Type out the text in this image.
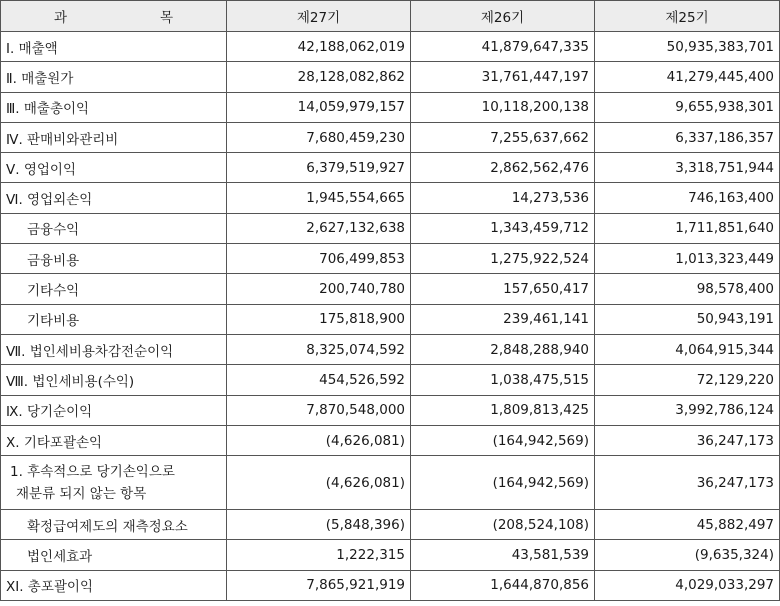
과 목	제27기	제26기	제25기
Ⅰ. 매출액	42,188,062,019	41,879,647,335	50,935,383,701
Ⅱ. 매출원가	28,128,082,862	31,761,447,197	41,279,445,400
Ⅲ. 매출총이익	14,059,979,157	10,118,200,138	9,655,938,301
Ⅳ. 판매비와관리비	7,680,459,230	7,255,637,662	6,337,186,357
Ⅴ. 영업이익	6,379,519,927	2,862,562,476	3,318,751,944
Ⅵ. 영업외손익	1,945,554,665	14,273,536	746,163,400
금융수익	2,627,132,638	1,343,459,712	1,711,851,640
금융비용	706,499,853	1,275,922,524	1,013,323,449
기타수익	200,740,780	157,650,417	98,578,400
기타비용	175,818,900	239,461,141	50,943,191
Ⅶ. 법인세비용차감전순이익	8,325,074,592	2,848,288,940	4,064,915,344
Ⅷ. 법인세비용(수익)	454,526,592	1,038,475,515	72,129,220
Ⅸ. 당기순이익	7,870,548,000	1,809,813,425	3,992,786,124
Ⅹ. 기타포괄손익	(4,626,081)	(164,942,569)	36,247,173

1. 후속적으로 당기손익으로
재분류 되지 않는 항목	(4,626,081)	(164,942,569)	36,247,173
확정급여제도의 재측정요소	(5,848,396)	(208,524,108)	45,882,497
법인세효과	1,222,315	43,581,539	(9,635,324)
XI. 총포괄이익	7,865,921,919	1,644,870,856	4,029,033,297
